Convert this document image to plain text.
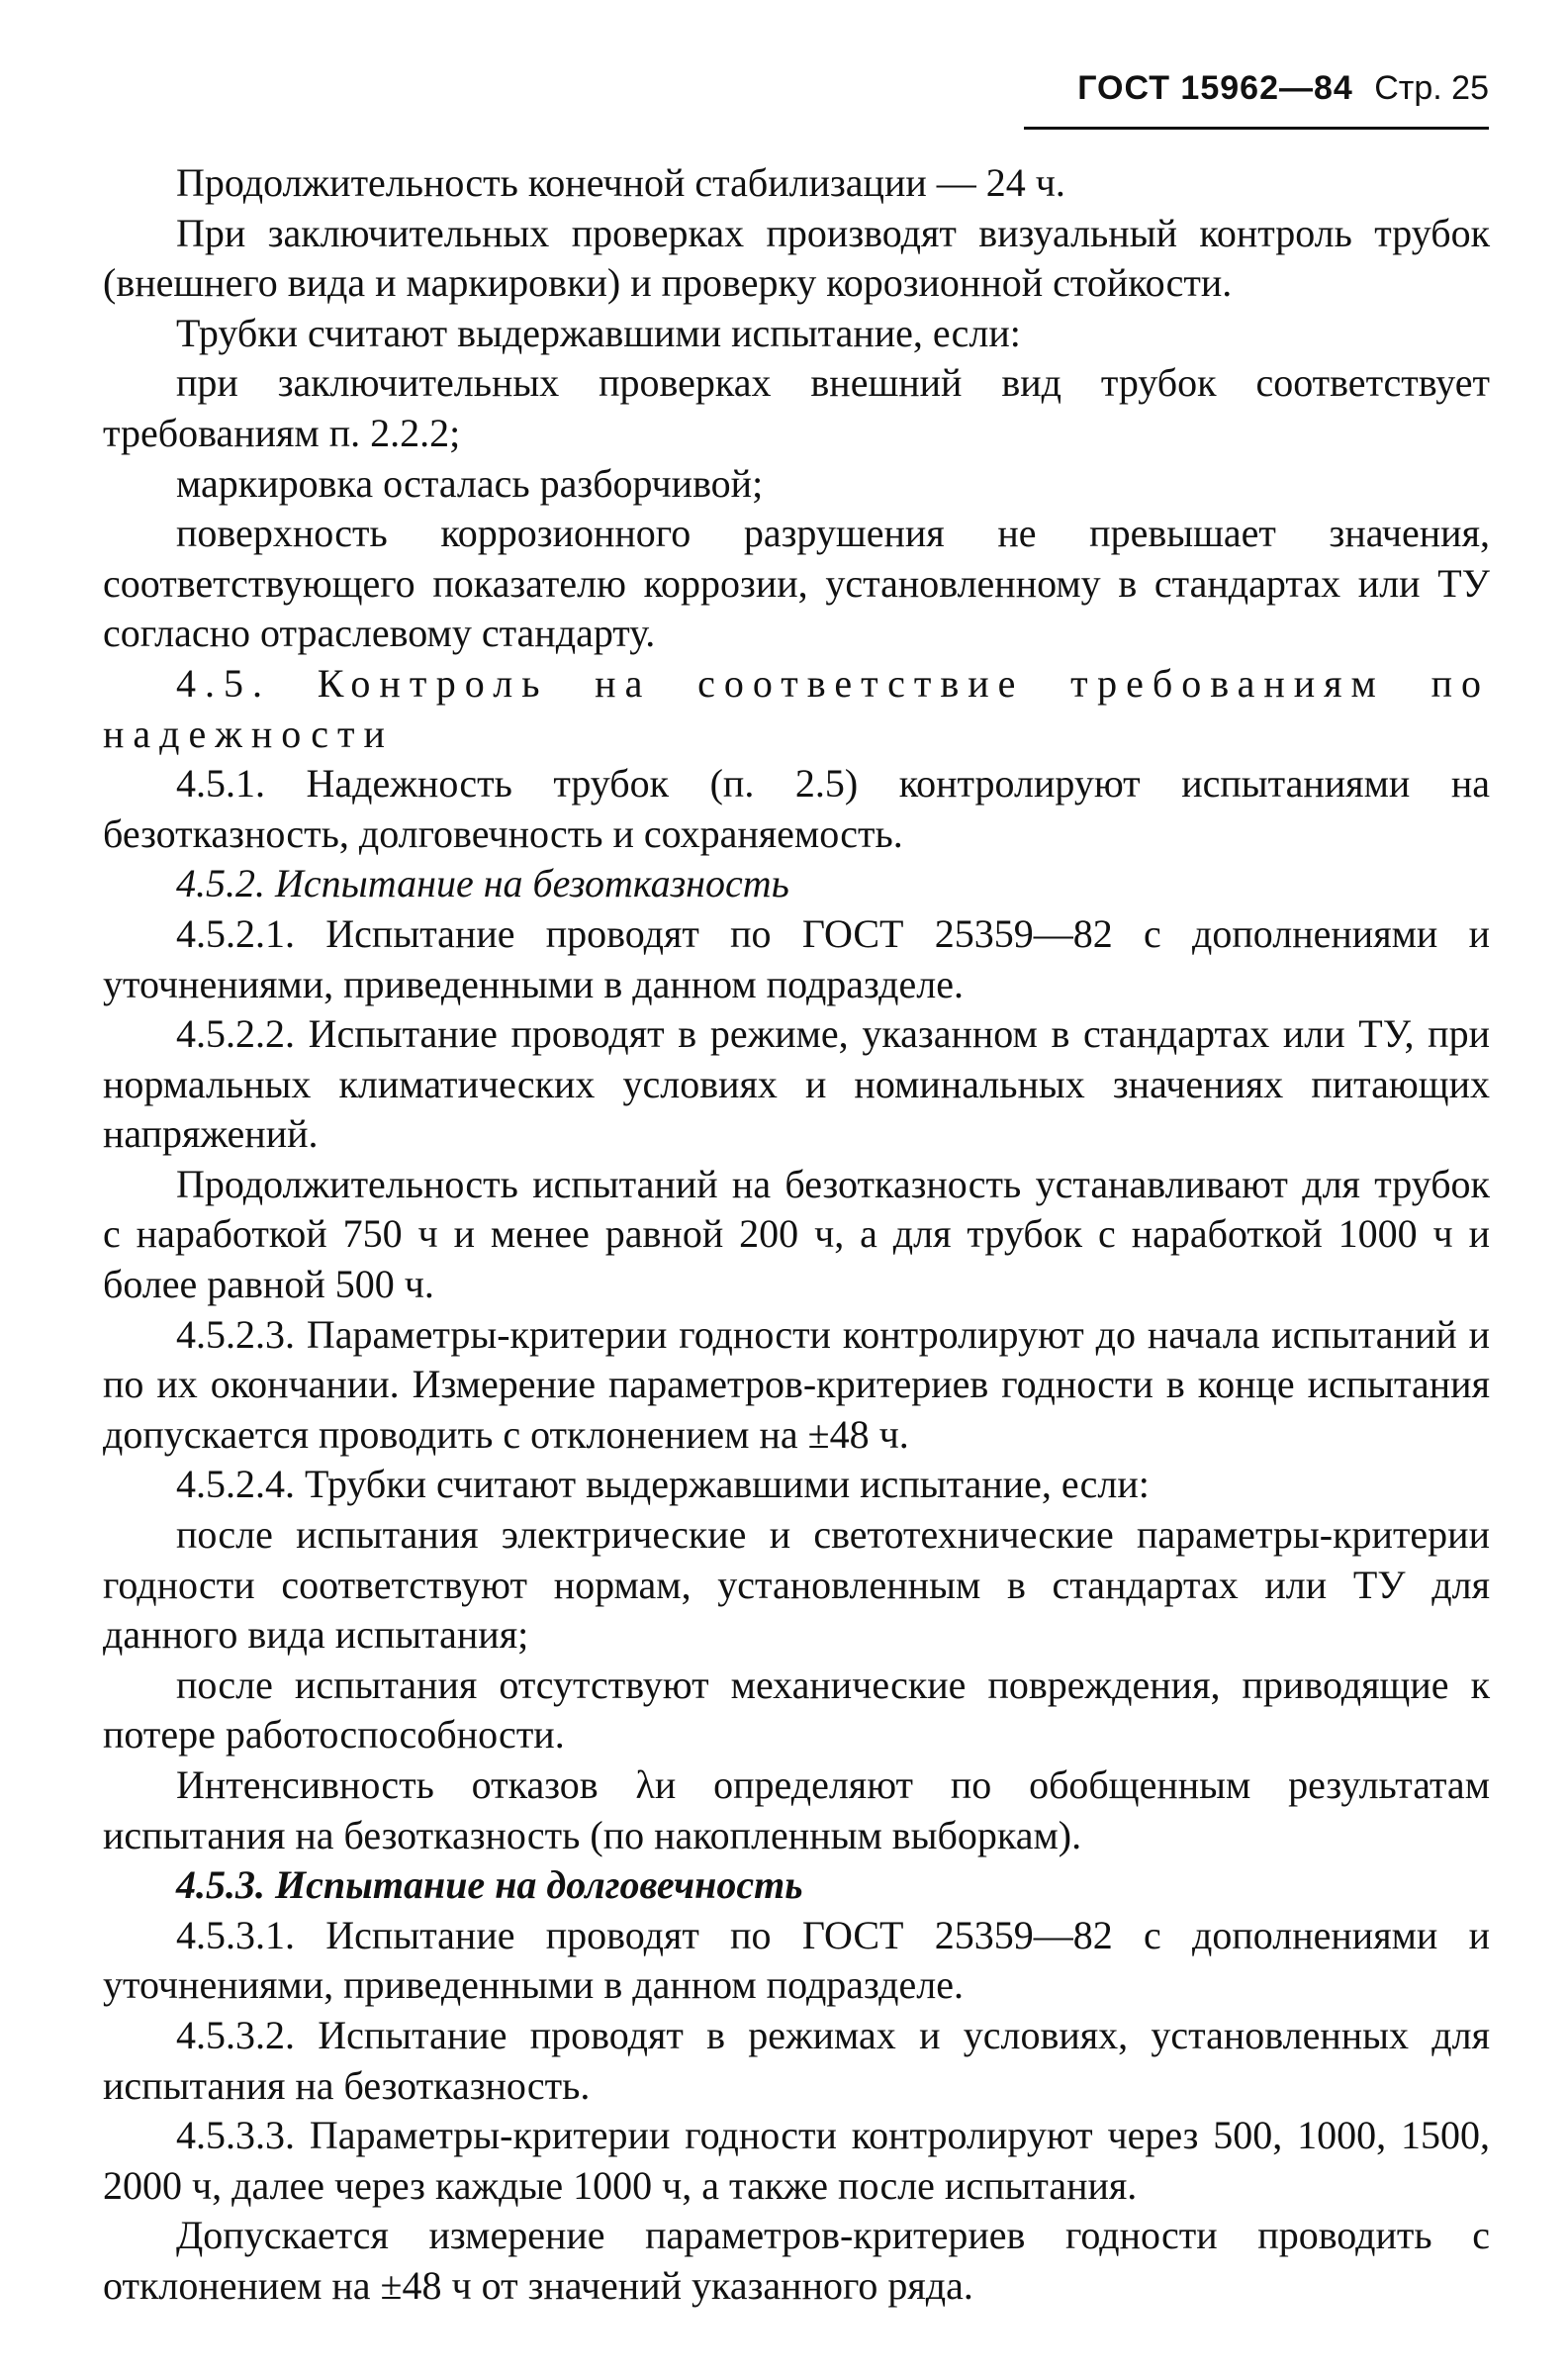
ГОСТ 15962—84 Стр. 25

Продолжительность конечной стабилизации — 24 ч.

При заключительных проверках производят визуальный контроль трубок (внешнего вида и маркировки) и проверку корозионной стойкости.

Трубки считают выдержавшими испытание, если:

при заключительных проверках внешний вид трубок соответствует требованиям п. 2.2.2;

маркировка осталась разборчивой;

поверхность коррозионного разрушения не превышает значения, соответствующего показателю коррозии, установленному в стандартах или ТУ согласно отраслевому стандарту.

4.5. Контроль на соответствие требованиям по надежности

4.5.1. Надежность трубок (п. 2.5) контролируют испытаниями на безотказность, долговечность и сохраняемость.

4.5.2. Испытание на безотказность

4.5.2.1. Испытание проводят по ГОСТ 25359—82 с дополнениями и уточнениями, приведенными в данном подразделе.

4.5.2.2. Испытание проводят в режиме, указанном в стандартах или ТУ, при нормальных климатических условиях и номинальных значениях питающих напряжений.

Продолжительность испытаний на безотказность устанавливают для трубок с наработкой 750 ч и менее равной 200 ч, а для трубок с наработкой 1000 ч и более равной 500 ч.

4.5.2.3. Параметры-критерии годности контролируют до начала испытаний и по их окончании. Измерение параметров-критериев годности в конце испытания допускается проводить с отклонением на ±48 ч.

4.5.2.4. Трубки считают выдержавшими испытание, если:

после испытания электрические и светотехнические параметры-критерии годности соответствуют нормам, установленным в стандартах или ТУ для данного вида испытания;

после испытания отсутствуют механические повреждения, приводящие к потере работоспособности.

Интенсивность отказов λи определяют по обобщенным результатам испытания на безотказность (по накопленным выборкам).

4.5.3. Испытание на долговечность

4.5.3.1. Испытание проводят по ГОСТ 25359—82 с дополнениями и уточнениями, приведенными в данном подразделе.

4.5.3.2. Испытание проводят в режимах и условиях, установленных для испытания на безотказность.

4.5.3.3. Параметры-критерии годности контролируют через 500, 1000, 1500, 2000 ч, далее через каждые 1000 ч, а также после испытания.

Допускается измерение параметров-критериев годности проводить с отклонением на ±48 ч от значений указанного ряда.
